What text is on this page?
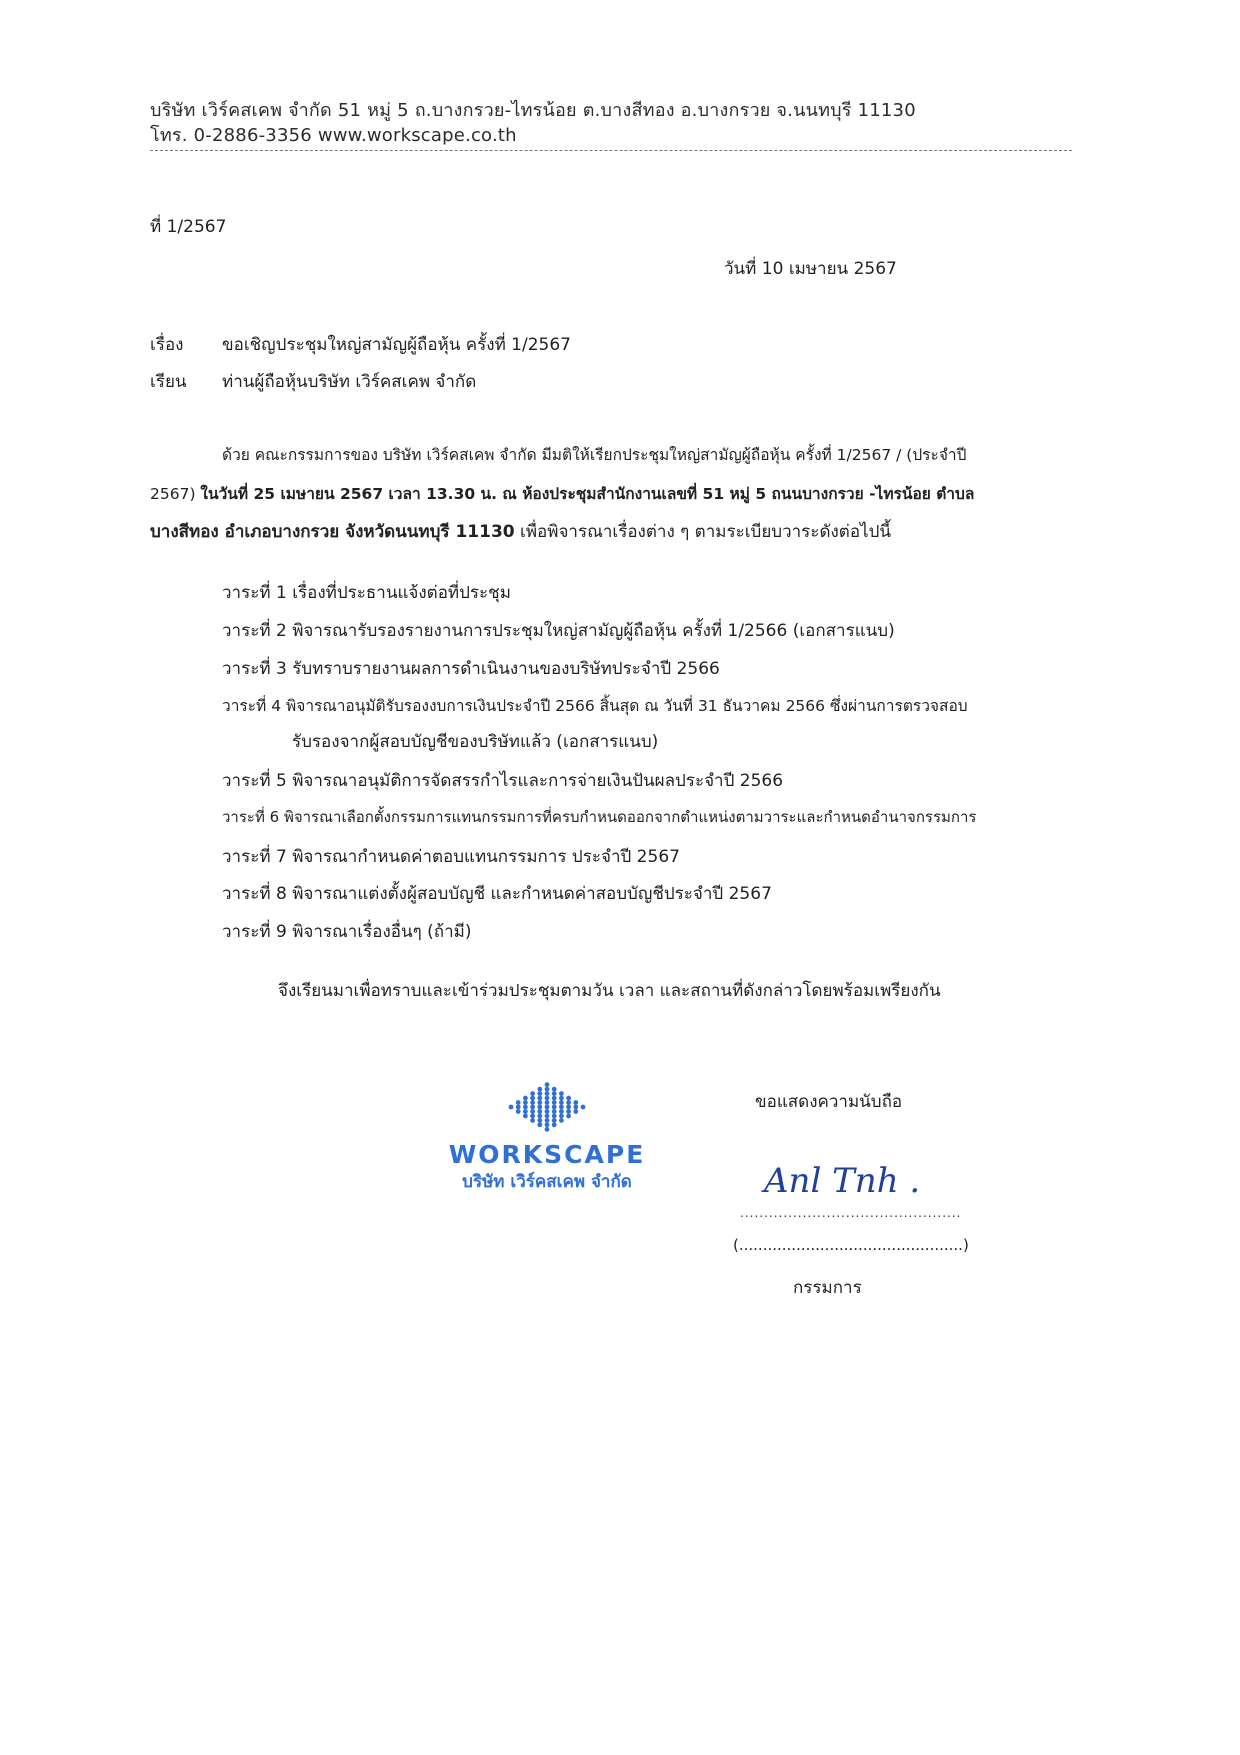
บริษัท เวิร์คสเคพ จำกัด 51 หมู่ 5 ถ.บางกรวย-ไทรน้อย ต.บางสีทอง อ.บางกรวย จ.นนทบุรี 11130
โทร. 0-2886-3356 www.workscape.co.th
ที่ 1/2567
วันที่ 10 เมษายน 2567
เรื่อง ขอเชิญประชุมใหญ่สามัญผู้ถือหุ้น ครั้งที่ 1/2567
เรียน ท่านผู้ถือหุ้นบริษัท เวิร์คสเคพ จำกัด
ด้วย คณะกรรมการของ บริษัท เวิร์คสเคพ จำกัด มีมติให้เรียกประชุมใหญ่สามัญผู้ถือหุ้น ครั้งที่ 1/2567 / (ประจำปี
2567) ในวันที่ 25 เมษายน 2567 เวลา 13.30 น. ณ ห้องประชุมสำนักงานเลขที่ 51 หมู่ 5 ถนนบางกรวย -ไทรน้อย ตำบล
บางสีทอง อำเภอบางกรวย จังหวัดนนทบุรี 11130 เพื่อพิจารณาเรื่องต่าง ๆ ตามระเบียบวาระดังต่อไปนี้
วาระที่ 1 เรื่องที่ประธานแจ้งต่อที่ประชุม
วาระที่ 2 พิจารณารับรองรายงานการประชุมใหญ่สามัญผู้ถือหุ้น ครั้งที่ 1/2566 (เอกสารแนบ)
วาระที่ 3 รับทราบรายงานผลการดำเนินงานของบริษัทประจำปี 2566
วาระที่ 4 พิจารณาอนุมัติรับรองงบการเงินประจำปี 2566 สิ้นสุด ณ วันที่ 31 ธันวาคม 2566 ซึ่งผ่านการตรวจสอบ
รับรองจากผู้สอบบัญชีของบริษัทแล้ว (เอกสารแนบ)
วาระที่ 5 พิจารณาอนุมัติการจัดสรรกำไรและการจ่ายเงินปันผลประจำปี 2566
วาระที่ 6 พิจารณาเลือกตั้งกรรมการแทนกรรมการที่ครบกำหนดออกจากตำแหน่งตามวาระและกำหนดอำนาจกรรมการ
วาระที่ 7 พิจารณากำหนดค่าตอบแทนกรรมการ ประจำปี 2567
วาระที่ 8 พิจารณาแต่งตั้งผู้สอบบัญชี และกำหนดค่าสอบบัญชีประจำปี 2567
วาระที่ 9 พิจารณาเรื่องอื่นๆ (ถ้ามี)
จึงเรียนมาเพื่อทราบและเข้าร่วมประชุมตามวัน เวลา และสถานที่ดังกล่าวโดยพร้อมเพรียงกัน
WORKSCAPE
บริษัท เวิร์คสเคพ จำกัด
ขอแสดงความนับถือ
Anl Tnh .
..............................................
(...............................................)
กรรมการ
